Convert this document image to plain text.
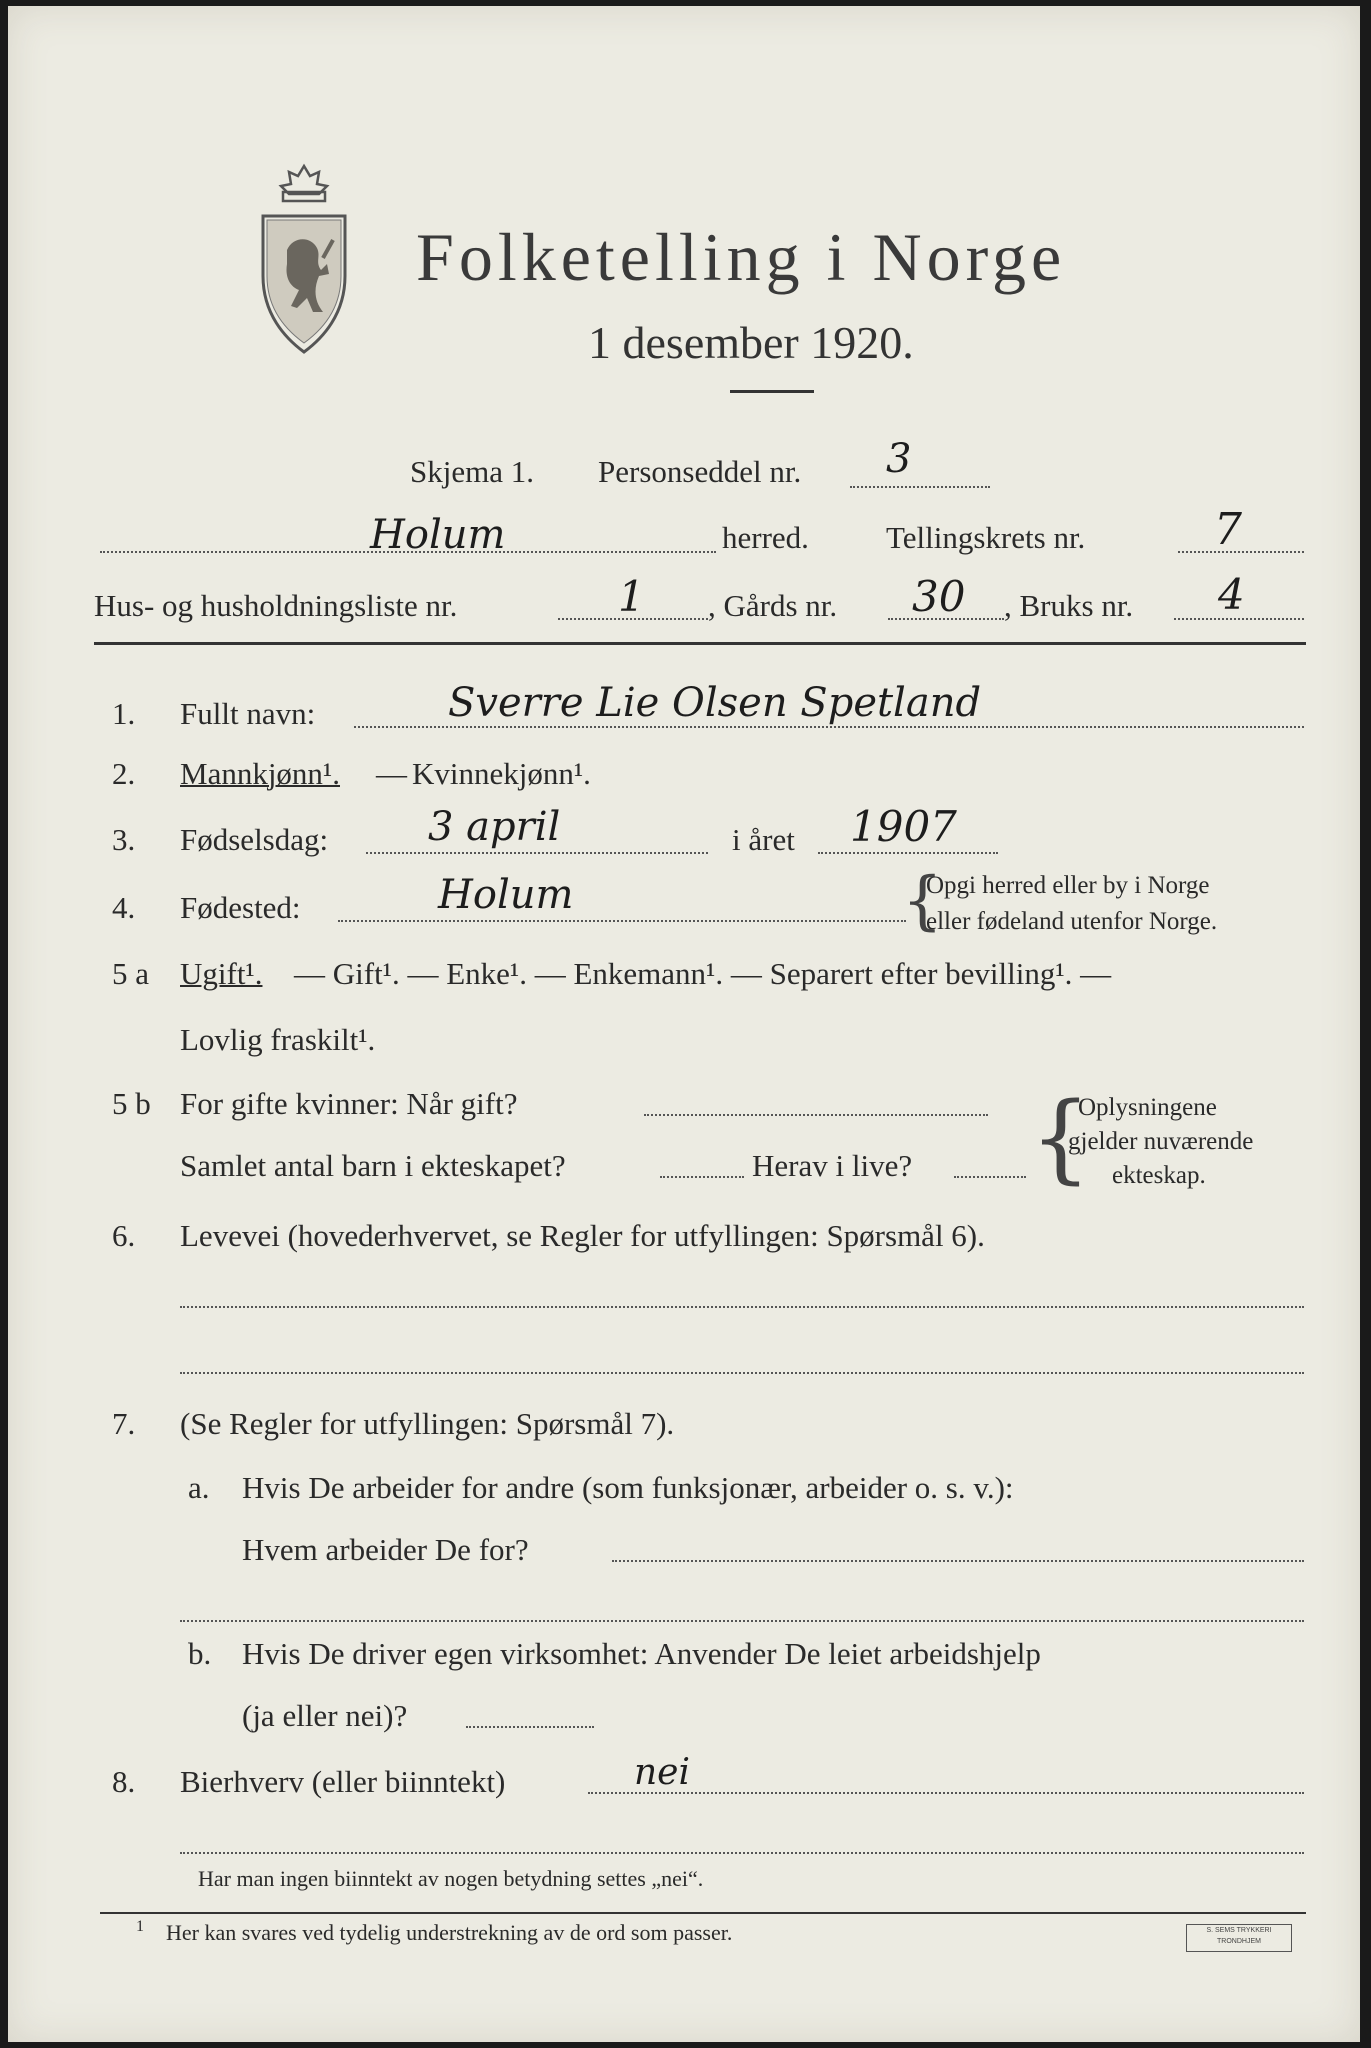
Folketelling i Norge
1 desember 1920.
Skjema 1. Personseddel nr. 3
Holum	herred. Tellingskrets nr.	7
Hus- og husholdningsliste nr.	1 , Gårds nr. 30 , Bruks nr. 4
1. Fullt navn:	Sverre Lie Olsen Spetland
2. Mannkjønn¹. — Kvinnekjønn¹.
3. Fødselsdag: 3 april	i året 1907
4. Fødested:	Holum	{
Opgi herred eller by i Norge
eller fødeland utenfor Norge.
5 a Ugift¹. — Gift¹. — Enke¹. — Enkemann¹. — Separert efter bevilling¹. —
Lovlig fraskilt¹.
5 b For gifte kvinner: Når gift?
Samlet antal barn i ekteskapet?	Herav i live? {
Oplysningene
gjelder nuværende
ekteskap.
6. Levevei (hovederhvervet, se Regler for utfyllingen: Spørsmål 6).
7. (Se Regler for utfyllingen: Spørsmål 7).
a. Hvis De arbeider for andre (som funksjonær, arbeider o. s. v.):
Hvem arbeider De for?
b. Hvis De driver egen virksomhet: Anvender De leiet arbeidshjelp
(ja eller nei)?
8. Bierhverv (eller biinntekt)	nei
Har man ingen biinntekt av nogen betydning settes „nei“.
1 Her kan svares ved tydelig understrekning av de ord som passer.	S. SEMS TRYKKERI
TRONDHJEM
